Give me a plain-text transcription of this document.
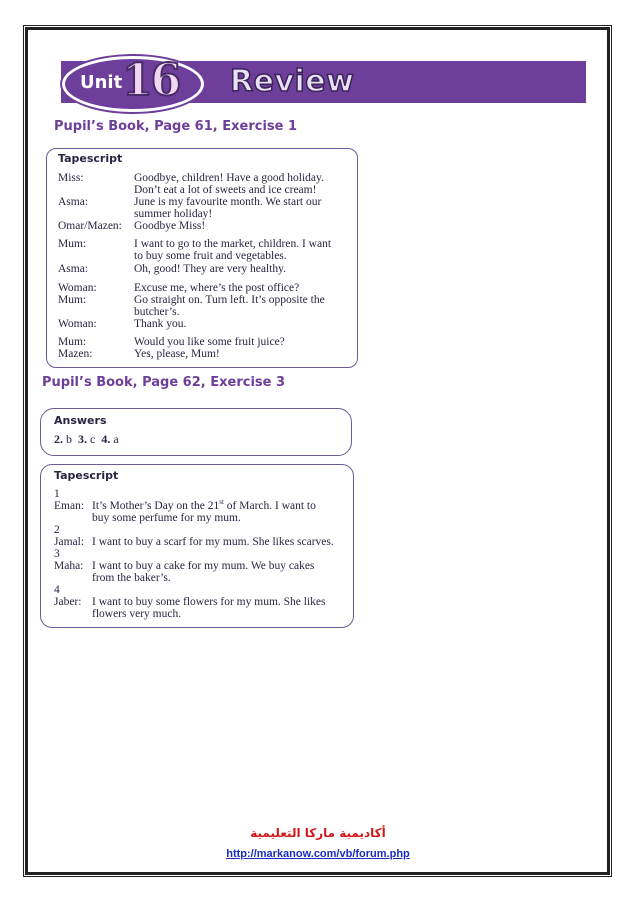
Unit 16 Review
Pupil’s Book, Page 61, Exercise 1
Tapescript
Miss:	Goodbye, children! Have a good holiday.
Don’t eat a lot of sweets and ice cream!
Asma:	June is my favourite month. We start our
summer holiday!
Omar/Mazen: Goodbye Miss!
Mum:	I want to go to the market, children. I want
to buy some fruit and vegetables.
Asma:	Oh, good! They are very healthy.
Woman:	Excuse me, where’s the post office?
Mum:	Go straight on. Turn left. It’s opposite the
butcher’s.
Woman:	Thank you.
Mum:	Would you like some fruit juice?
Mazen:	Yes, please, Mum!
Pupil’s Book, Page 62, Exercise 3
Answers
2. b 3. c 4. a
Tapescript
1
Eman: It’s Mother’s Day on the 21st of March. I want to
buy some perfume for my mum.
2
Jamal: I want to buy a scarf for my mum. She likes scarves.
3
Maha: I want to buy a cake for my mum. We buy cakes
from the baker’s.
4
Jaber: I want to buy some flowers for my mum. She likes
flowers very much.
أكاديمية ماركا التعليمية
http://markanow.com/vb/forum.php
